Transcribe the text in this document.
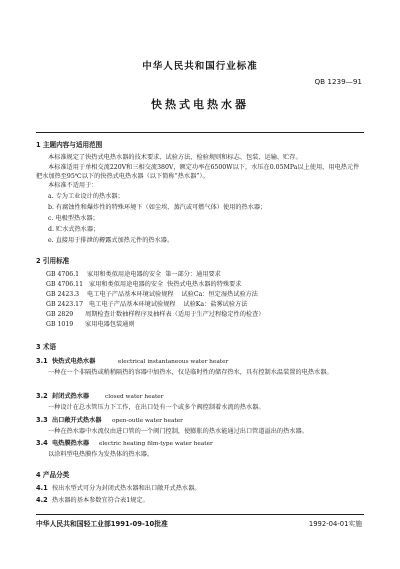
中华人民共和国行业标准
QB 1239—91
快热式电热水器
1 主题内容与适用范围
本标准规定了快热式电热水器的技术要求、试验方法、检验规则和标志、包装、运输、贮存。
本标准适用于单相交流220V和三相交流380V，额定功率在6500W以下，水压在0.05MPa以上使用，用电热元件把水加热至95℃以下的快热式电热水器（以下简称“热水器”）。
本标准不适用于：
a. 专为工业设计的热水器；
b. 有腐蚀性和爆炸性的特殊环境下（如尘埃、蒸汽或可燃气体）使用的热水器；
c. 电极型热水器；
d. 贮水式热水器；
e. 直接用于排泄的褥露式加热元件的热水器。
2 引用标准
GB 4706.1    家用和类似用途电器的安全  第一部分：通用要求
GB 4706.11   家用和类似用途电器的安全  快热式电热水器的特殊要求
GB 2423.3    电工电子产品基本环境试验规程    试验Ca：恒定湿热试验方法
GB 2423.17   电工电子产品基本环境试验规程    试验Ka：盐雾试验方法
GB 2829      周期检查计数抽样程序及抽样表（适用于生产过程稳定性的检查）
GB 1019      家用电器包装通则
3 术语
3.1 快热式电热水器	electrical instantaneous water heater
一种在一个非隔热或稍稍隔热的容器中加热水，仅是临时性的储存热水，具有控制水温装置的电热水器。
3.2 封闭式热水器	closed water heater
一种设计在总水管压力下工作，在出口处有一个或多个阀控制着水流的热水器。
3.3 出口敞开式热水器 open-outle water heater
一种在热水器中水流仅由进口管的一个阀门控制，使膨胀的热水能通过出口管道溢出的热水器。
3.4 电热膜热水器 electric heating film-type water heater
以涂料型电热膜作为发热体的热水器。
4 产品分类
4.1 按出水型式可分为封闭式热水器和出口敞开式热水器。
4.2 热水器的基本参数宜符合表1规定。
中华人民共和国轻工业部1991-09-10批准	1992-04-01实施
